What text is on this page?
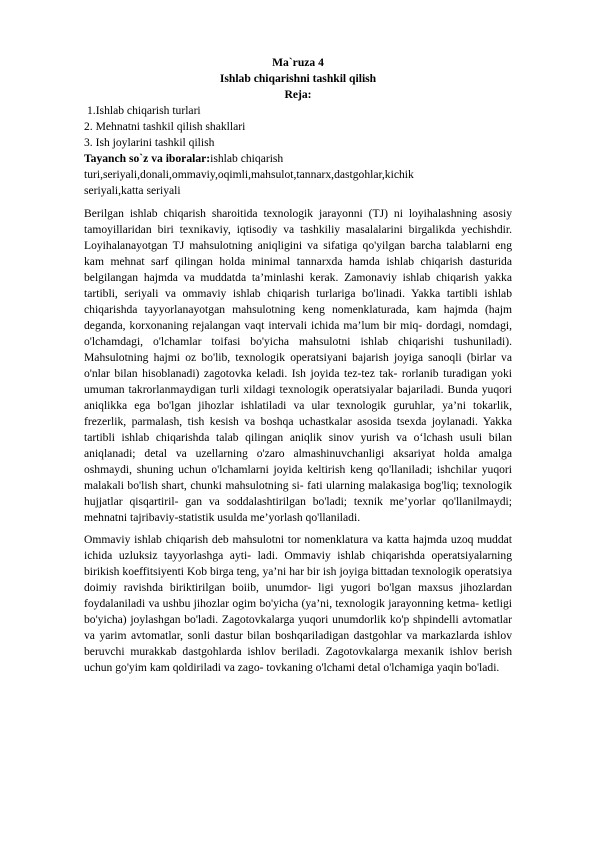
Ma`ruza 4
Ishlab chiqarishni tashkil qilish
Reja:
1.Ishlab chiqarish turlari
2. Mehnatni tashkil qilish shakllari
3. Ish joylarini tashkil qilish
Tayanch so`z va iboralar:ishlab chiqarish
turi,seriyali,donali,ommaviy,oqimli,mahsulot,tannarx,dastgohlar,kichik
seriyali,katta seriyali
Berilgan ishlab chiqarish sharoitida texnologik jarayonni (TJ) ni loyihalashning asosiy tamoyillaridan biri texnikaviy, iqtisodiy va tashkiliy masalalarini birgalikda yechishdir. Loyihalanayotgan TJ mahsulotning aniqligini va sifatiga qo'yilgan barcha talablarni eng kam mehnat sarf qilingan holda minimal tannarxda hamda ishlab chiqarish dasturida belgilangan hajmda va muddatda ta’minlashi kerak. Zamonaviy ishlab chiqarish yakka tartibli, seriyali va ommaviy ishlab chiqarish turlariga bo'linadi. Yakka tartibli ishlab chiqarishda tayyorlanayotgan mahsulotning keng nomenklaturada, kam hajmda (hajm deganda, korxonaning rejalangan vaqt intervali ichida ma’lum bir miq- dordagi, nomdagi, o'lchamdagi, o'lchamlar toifasi bo'yicha mahsulotni ishlab chiqarishi tushuniladi). Mahsulotning hajmi oz bo'lib, texnologik operatsiyani bajarish joyiga sanoqli (birlar va o'nlar bilan hisoblanadi) zagotovka keladi. Ish joyida tez-tez tak- rorlanib turadigan yoki umuman takrorlanmaydigan turli xildagi texnologik operatsiyalar bajariladi. Bunda yuqori aniqlikka ega bo'lgan jihozlar ishlatiladi va ular texnologik guruhlar, ya’ni tokarlik, frezerlik, parmalash, tish kesish va boshqa uchastkalar asosida tsexda joylanadi. Yakka tartibli ishlab chiqarishda talab qilingan aniqlik sinov yurish va o‘lchash usuli bilan aniqlanadi; detal va uzellarning o'zaro almashinuvchanligi aksariyat holda amalga oshmaydi, shuning uchun o'lchamlarni joyida keltirish keng qo'llaniladi; ishchilar yuqori malakali bo'lish shart, chunki mahsulotning si- fati ularning malakasiga bog'liq; texnologik hujjatlar qisqartiril- gan va soddalashtirilgan bo'ladi; texnik me’yorlar qo'llanilmaydi; mehnatni tajribaviy-statistik usulda me’yorlash qo'llaniladi.
Ommaviy ishlab chiqarish deb mahsulotni tor nomenklatura va katta hajmda uzoq muddat ichida uzluksiz tayyorlashga ayti- ladi. Ommaviy ishlab chiqarishda operatsiyalarning birikish koeffitsiyenti Kob birga teng, ya’ni har bir ish joyiga bittadan texnologik operatsiya doimiy ravishda biriktirilgan boiib, unumdor- ligi yugori bo'lgan maxsus jihozlardan foydalaniladi va ushbu jihozlar ogim bo'yicha (ya’ni, texnologik jarayonning ketma- ketligi bo'yicha) joylashgan bo'ladi. Zagotovkalarga yuqori unumdorlik ko'p shpindelli avtomatlar va yarim avtomatlar, sonli dastur bilan boshqariladigan dastgohlar va markazlarda ishlov beruvchi murakkab dastgohlarda ishlov beriladi. Zagotovkalarga mexanik ishlov berish uchun go'yim kam qoldiriladi va zago- tovkaning o'lchami detal o'lchamiga yaqin bo'ladi.
